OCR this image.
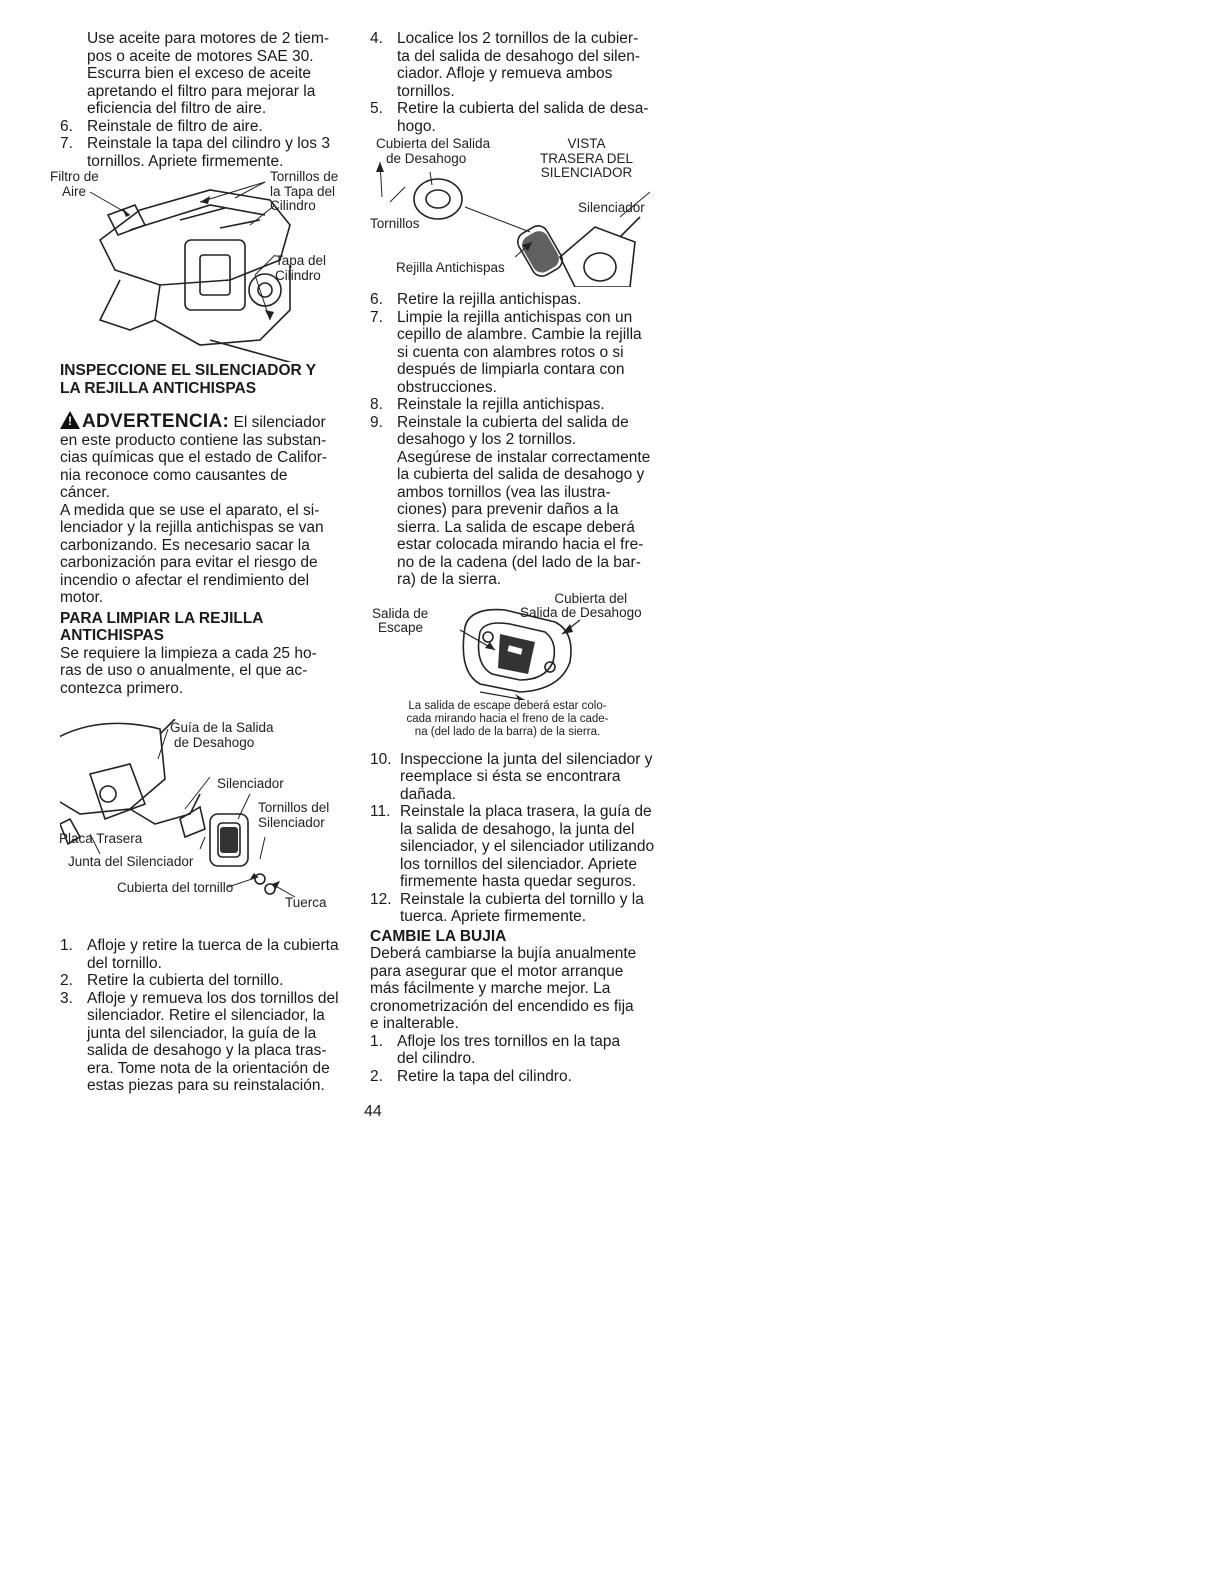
Use aceite para motores de 2 tiem-
pos o aceite de motores SAE 30.
Escurra bien el exceso de aceite
apretando el filtro para mejorar la
eficiencia del filtro de aire.
6. Reinstale de filtro de aire.
7. Reinstale la tapa del cilindro y los 3
tornillos. Apriete firmemente.
Filtro de
Aire
Tornillos de
la Tapa del
Cilindro
Tapa del
Cilindro
INSPECCIONE EL SILENCIADOR Y
LA REJILLA ANTICHISPAS
! ADVERTENCIA: El silenciador
en este producto contiene las substan-
cias químicas que el estado de Califor-
nia reconoce como causantes de
cáncer.
A medida que se use el aparato, el si-
lenciador y la rejilla antichispas se van
carbonizando. Es necesario sacar la
carbonización para evitar el riesgo de
incendio o afectar el rendimiento del
motor.
PARA LIMPIAR LA REJILLA
ANTICHISPAS
Se requiere la limpieza a cada 25 ho-
ras de uso o anualmente, el que ac-
contezca primero.
Guía de la Salida
de Desahogo
Silenciador
Tornillos del
Silenciador
Placa Trasera
Junta del Silenciador
Cubierta del tornillo
Tuerca
1. Afloje y retire la tuerca de la cubierta
del tornillo.
2. Retire la cubierta del tornillo.
3. Afloje y remueva los dos tornillos del
silenciador. Retire el silenciador, la
junta del silenciador, la guía de la
salida de desahogo y la placa tras-
era. Tome nota de la orientación de
estas piezas para su reinstalación.
4. Localice los 2 tornillos de la cubier-
ta del salida de desahogo del silen-
ciador. Afloje y remueva ambos
tornillos.
5. Retire la cubierta del salida de desa-
hogo.
Cubierta del Salida
de Desahogo
VISTA
TRASERA DEL
SILENCIADOR
Silenciador
Tornillos
Rejilla Antichispas
6. Retire la rejilla antichispas.
7. Limpie la rejilla antichispas con un
cepillo de alambre. Cambie la rejilla
si cuenta con alambres rotos o si
después de limpiarla contara con
obstrucciones.
8. Reinstale la rejilla antichispas.
9. Reinstale la cubierta del salida de
desahogo y los 2 tornillos.
Asegúrese de instalar correctamente
la cubierta del salida de desahogo y
ambos tornillos (vea las ilustra-
ciones) para prevenir daños a la
sierra. La salida de escape deberá
estar colocada mirando hacia el fre-
no de la cadena (del lado de la bar-
ra) de la sierra.
Cubierta del
Salida de Desahogo
Salida de
Escape
La salida de escape deberá estar colo-
cada mirando hacia el freno de la cade-
na (del lado de la barra) de la sierra.
10. Inspeccione la junta del silenciador y
reemplace si ésta se encontrara
dañada.
11. Reinstale la placa trasera, la guía de
la salida de desahogo, la junta del
silenciador, y el silenciador utilizando
los tornillos del silenciador. Apriete
firmemente hasta quedar seguros.
12. Reinstale la cubierta del tornillo y la
tuerca. Apriete firmemente.
CAMBIE LA BUJIA
Deberá cambiarse la bujía anualmente
para asegurar que el motor arranque
más fácilmente y marche mejor. La
cronometrización del encendido es fija
e inalterable.
1. Afloje los tres tornillos en la tapa
del cilindro.
2. Retire la tapa del cilindro.
44
